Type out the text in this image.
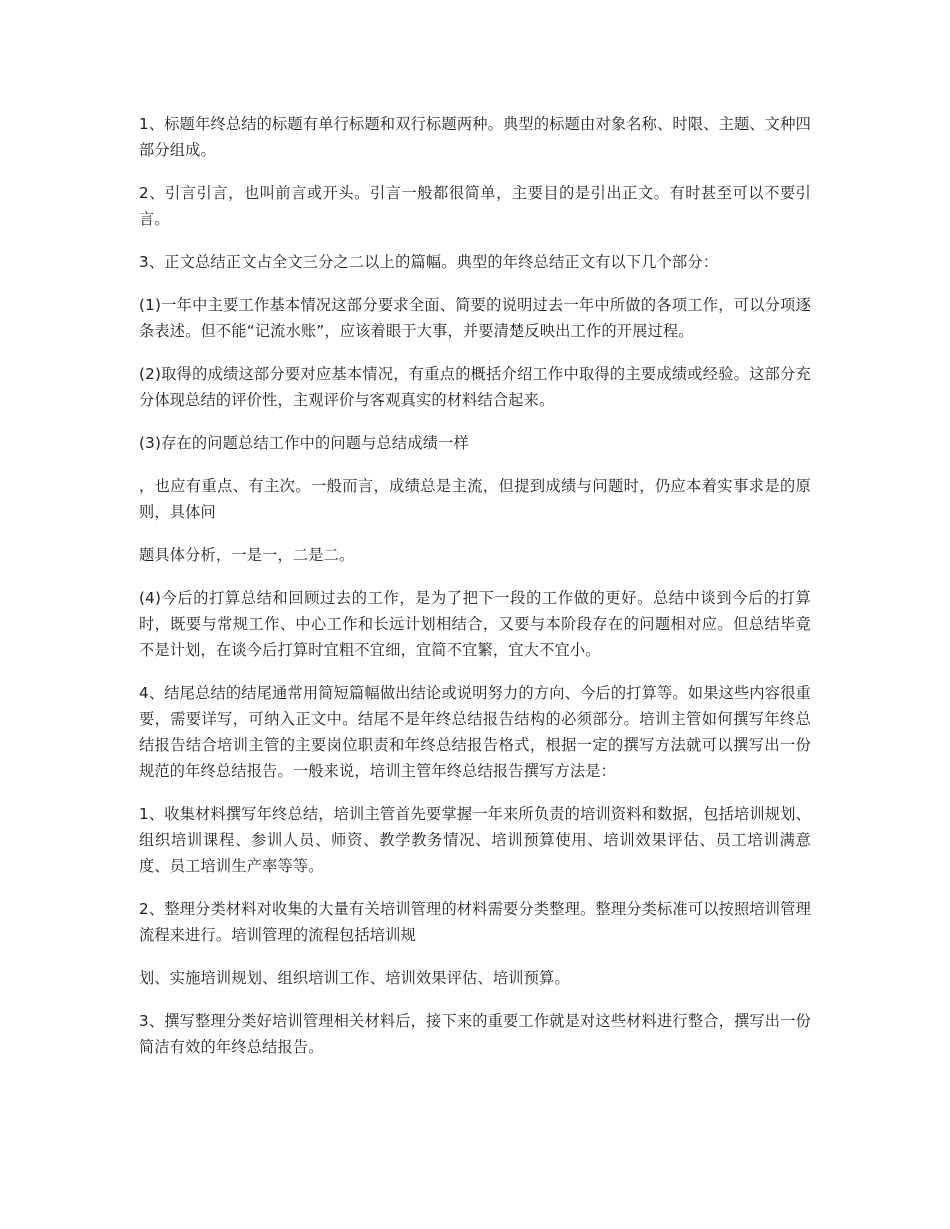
1、标题年终总结的标题有单行标题和双行标题两种。典型的标题由对象名称、时限、主题、文种四部分组成。

2、引言引言，也叫前言或开头。引言一般都很简单，主要目的是引出正文。有时甚至可以不要引言。

3、正文总结正文占全文三分之二以上的篇幅。典型的年终总结正文有以下几个部分：

(1)一年中主要工作基本情况这部分要求全面、简要的说明过去一年中所做的各项工作，可以分项逐条表述。但不能“记流水账”，应该着眼于大事，并要清楚反映出工作的开展过程。

(2)取得的成绩这部分要对应基本情况，有重点的概括介绍工作中取得的主要成绩或经验。这部分充分体现总结的评价性，主观评价与客观真实的材料结合起来。

(3)存在的问题总结工作中的问题与总结成绩一样

，也应有重点、有主次。一般而言，成绩总是主流，但提到成绩与问题时，仍应本着实事求是的原则，具体问

题具体分析，一是一，二是二。

(4)今后的打算总结和回顾过去的工作，是为了把下一段的工作做的更好。总结中谈到今后的打算时，既要与常规工作、中心工作和长远计划相结合，又要与本阶段存在的问题相对应。但总结毕竟不是计划，在谈今后打算时宜粗不宜细，宜简不宜繁，宜大不宜小。

4、结尾总结的结尾通常用简短篇幅做出结论或说明努力的方向、今后的打算等。如果这些内容很重要，需要详写，可纳入正文中。结尾不是年终总结报告结构的必须部分。培训主管如何撰写年终总结报告结合培训主管的主要岗位职责和年终总结报告格式，根据一定的撰写方法就可以撰写出一份规范的年终总结报告。一般来说，培训主管年终总结报告撰写方法是：

1、收集材料撰写年终总结，培训主管首先要掌握一年来所负责的培训资料和数据，包括培训规划、组织培训课程、参训人员、师资、教学教务情况、培训预算使用、培训效果评估、员工培训满意度、员工培训生产率等等。

2、整理分类材料对收集的大量有关培训管理的材料需要分类整理。整理分类标准可以按照培训管理流程来进行。培训管理的流程包括培训规

划、实施培训规划、组织培训工作、培训效果评估、培训预算。

3、撰写整理分类好培训管理相关材料后，接下来的重要工作就是对这些材料进行整合，撰写出一份简洁有效的年终总结报告。
